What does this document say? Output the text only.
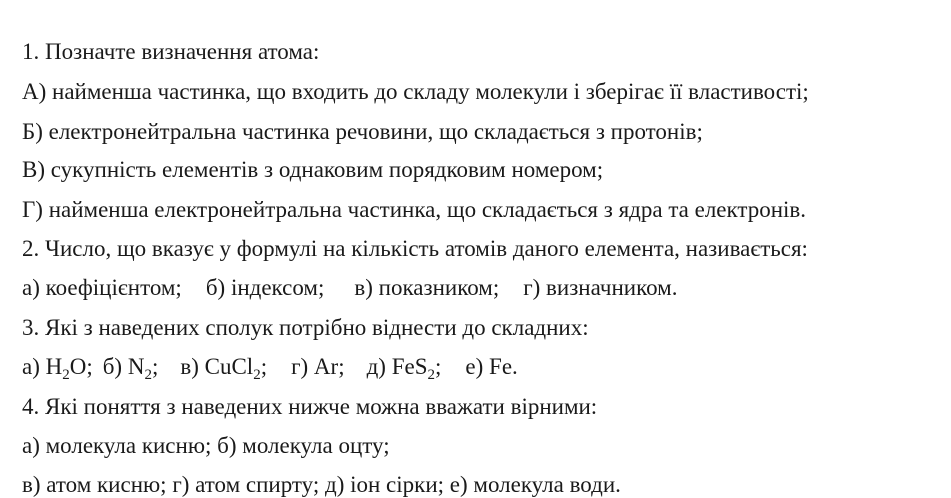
1. Позначте визначення атома:
А) найменша частинка, що входить до складу молекули і зберігає її властивості;
Б) електронейтральна частинка речовини, що складається з протонів;
В) сукупність елементів з однаковим порядковим номером;
Г) найменша електронейтральна частинка, що складається з ядра та електронів.
2. Число, що вказує у формулі на кількість атомів даного елемента, називається:
а) коефіцієнтом; б) індексом; в) показником; г) визначником.
3. Які з наведених сполук потрібно віднести до складних:
а) $H_2O$; б) $N_2$; в) CuCl$_2$; г) Ar; д) FeS$_2$; е) Fe.
4. Які поняття з наведених нижче можна вважати вірними:
а) молекула кисню; б) молекула оцту;
в) атом кисню; г) атом спирту; д) іон сірки; е) молекула води.
